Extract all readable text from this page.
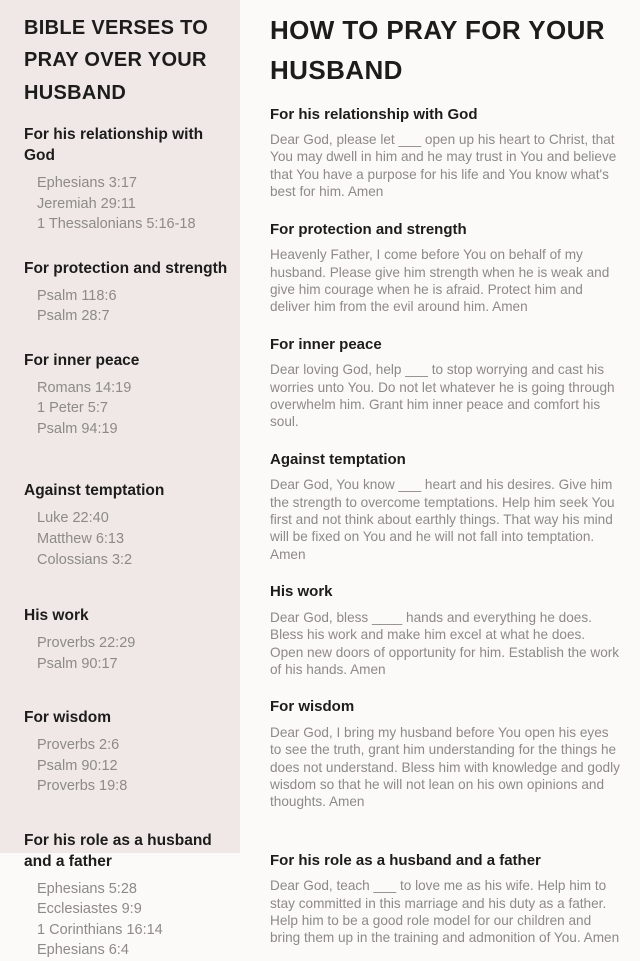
BIBLE VERSES TO PRAY OVER YOUR HUSBAND
For his relationship with God
Ephesians 3:17
Jeremiah 29:11
1 Thessalonians 5:16-18
For protection and strength
Psalm 118:6
Psalm 28:7
For inner peace
Romans 14:19
1 Peter 5:7
Psalm 94:19
Against temptation
Luke 22:40
Matthew 6:13
Colossians 3:2
His work
Proverbs 22:29
Psalm 90:17
For wisdom
Proverbs 2:6
Psalm 90:12
Proverbs 19:8
For his role as a husband and a father
Ephesians 5:28
Ecclesiastes 9:9
1 Corinthians 16:14
Ephesians 6:4
HOW TO PRAY FOR YOUR HUSBAND
For his relationship with God

Dear God, please let ___ open up his heart to Christ, that You may dwell in him and he may trust in You and believe that You have a purpose for his life and You know what's best for him. Amen

For protection and strength

Heavenly Father, I come before You on behalf of my husband. Please give him strength when he is weak and give him courage when he is afraid. Protect him and deliver him from the evil around him. Amen

For inner peace

Dear loving God, help ___ to stop worrying and cast his worries unto You. Do not let whatever he is going through overwhelm him. Grant him inner peace and comfort his soul.

Against temptation

Dear God, You know ___ heart and his desires. Give him the strength to overcome temptations. Help him seek You first and not think about earthly things. That way his mind will be fixed on You and he will not fall into temptation. Amen

His work

Dear God, bless ____ hands and everything he does. Bless his work and make him excel at what he does. Open new doors of opportunity for him. Establish the work of his hands. Amen

For wisdom

Dear God, I bring my husband before You open his eyes to see the truth, grant him understanding for the things he does not understand. Bless him with knowledge and godly wisdom so that he will not lean on his own opinions and thoughts. Amen

For his role as a husband and a father

Dear God, teach ___ to love me as his wife. Help him to stay committed in this marriage and his duty as a father. Help him to be a good role model for our children and bring them up in the training and admonition of You. Amen
